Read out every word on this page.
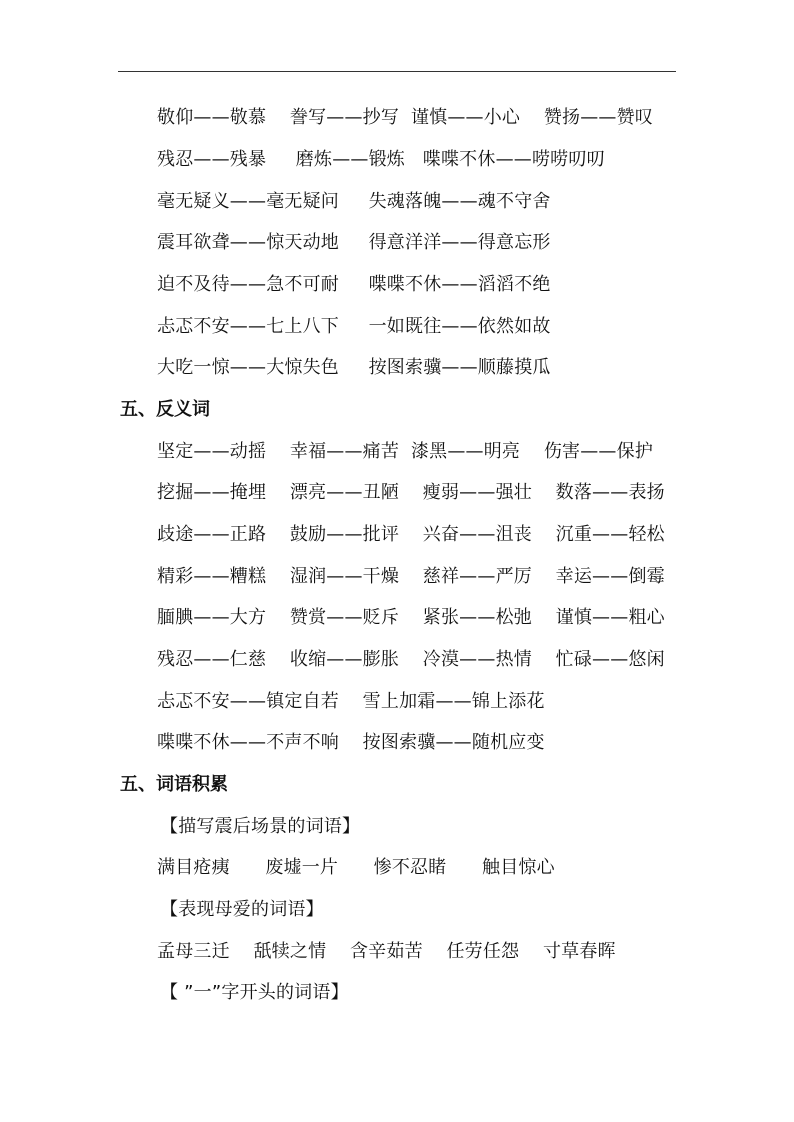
敬仰——敬慕    誊写——抄写  谨慎——小心    赞扬——赞叹
残忍——残暴     磨炼——锻炼   喋喋不休——唠唠叨叨
毫无疑义——毫无疑问     失魂落魄——魂不守舍
震耳欲聋——惊天动地     得意洋洋——得意忘形
迫不及待——急不可耐     喋喋不休——滔滔不绝
忐忑不安——七上八下     一如既往——依然如故
大吃一惊——大惊失色     按图索骥——顺藤摸瓜
五、反义词
坚定——动摇    幸福——痛苦  漆黑——明亮    伤害——保护
挖掘——掩埋    漂亮——丑陋    瘦弱——强壮    数落——表扬
歧途——正路    鼓励——批评    兴奋——沮丧    沉重——轻松
精彩——糟糕    湿润——干燥    慈祥——严厉    幸运——倒霉
腼腆——大方    赞赏——贬斥    紧张——松弛    谨慎——粗心
残忍——仁慈    收缩——膨胀    冷漠——热情    忙碌——悠闲
忐忑不安——镇定自若    雪上加霜——锦上添花
喋喋不休——不声不响    按图索骥——随机应变
五、词语积累
【描写震后场景的词语】
满目疮痍      废墟一片      惨不忍睹      触目惊心
【表现母爱的词语】
孟母三迁    舐犊之情    含辛茹苦    任劳任怨    寸草春晖
【 ”一”字开头的词语】
